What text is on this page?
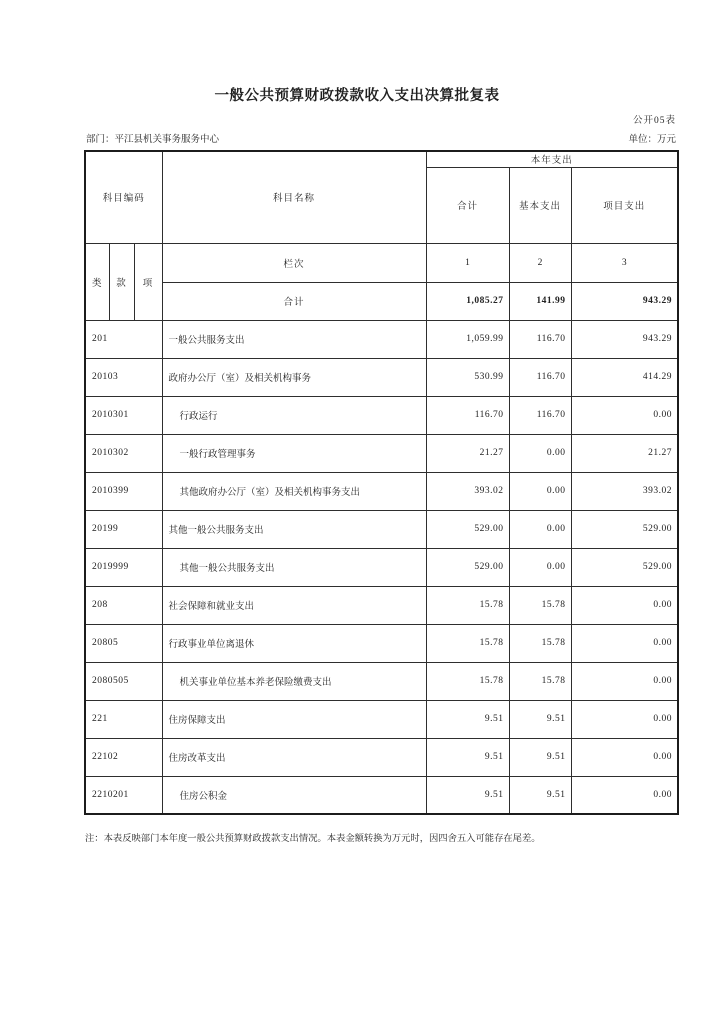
一般公共预算财政拨款收入支出决算批复表
公开05表
部门：平江县机关事务服务中心	单位：万元
科目编码			科目名称	本年支出		
				合计	基本支出	项目支出
类	款	项	栏次	1	2	3
			合计	1,085.27	141.99	943.29
201			一般公共服务支出	1,059.99	116.70	943.29
20103			政府办公厅（室）及相关机构事务	530.99	116.70	414.29
2010301			行政运行	116.70	116.70	0.00
2010302			一般行政管理事务	21.27	0.00	21.27
2010399			其他政府办公厅（室）及相关机构事务支出	393.02	0.00	393.02
20199			其他一般公共服务支出	529.00	0.00	529.00
2019999			其他一般公共服务支出	529.00	0.00	529.00
208			社会保障和就业支出	15.78	15.78	0.00
20805			行政事业单位离退休	15.78	15.78	0.00
2080505			机关事业单位基本养老保险缴费支出	15.78	15.78	0.00
221			住房保障支出	9.51	9.51	0.00
22102			住房改革支出	9.51	9.51	0.00
2210201			住房公积金	9.51	9.51	0.00
注：本表反映部门本年度一般公共预算财政拨款支出情况。本表金额转换为万元时，因四舍五入可能存在尾差。
